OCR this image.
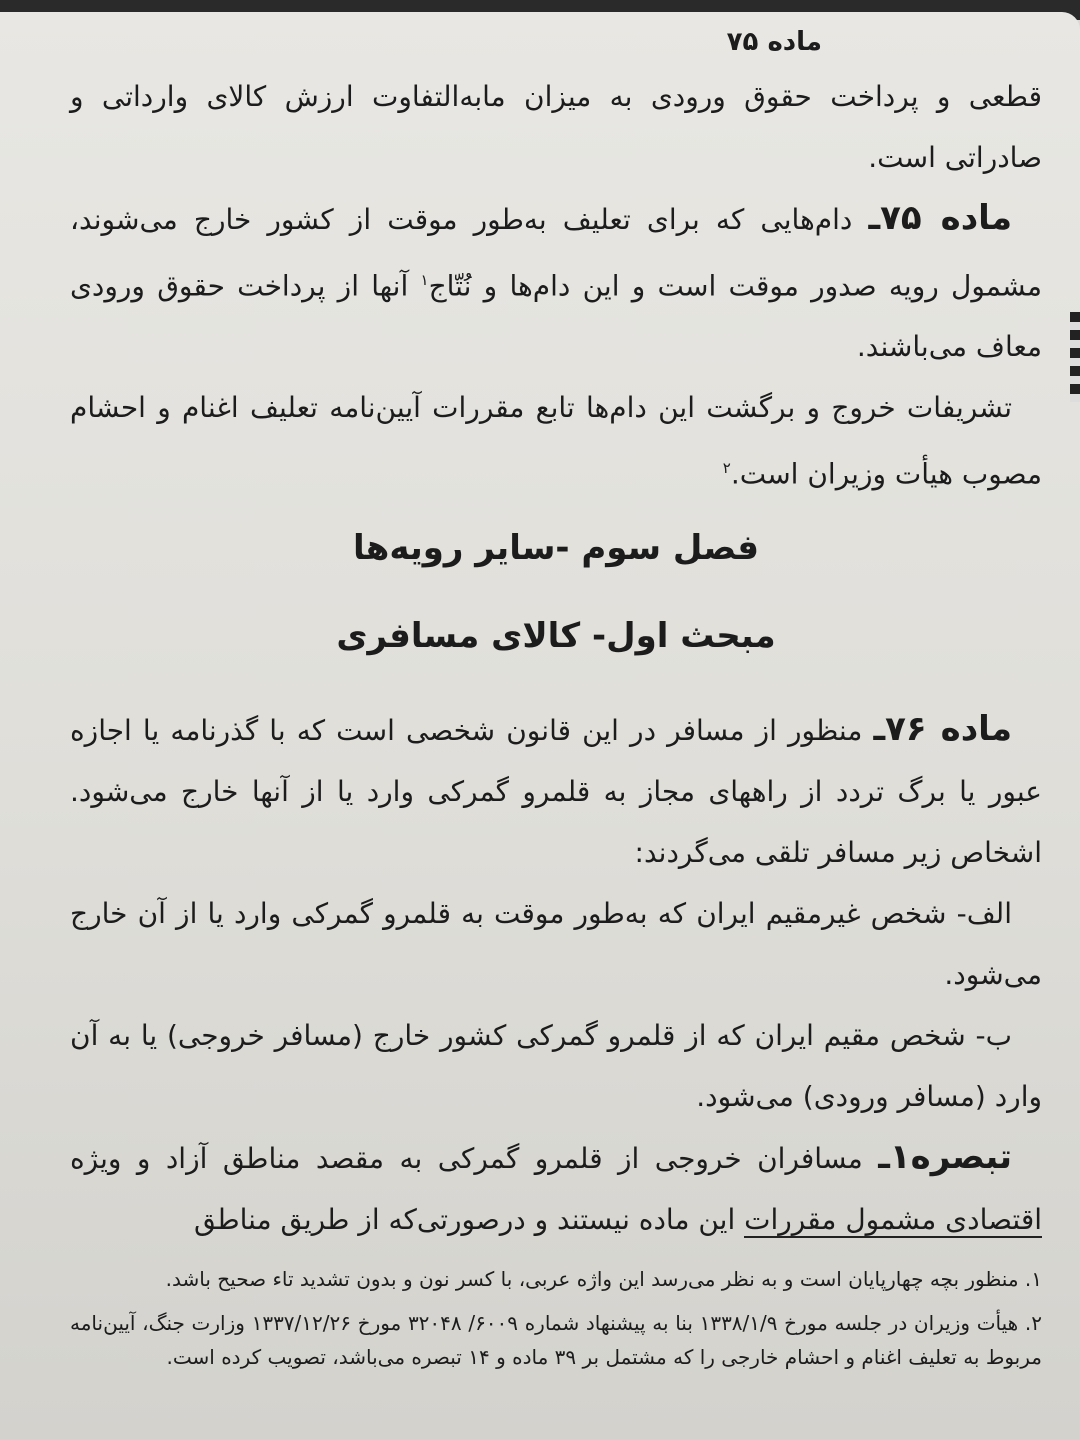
ماده ۷۵

قطعی و پرداخت حقوق ورودی به میزان مابه‌التفاوت ارزش کالای وارداتی و صادراتی است.

ماده ۷۵ـ دام‌هایی که برای تعلیف به‌طور موقت از کشور خارج می‌شوند، مشمول رویه صدور موقت است و این دام‌ها و نُتّاج$^۱$ آنها از پرداخت حقوق ورودی معاف می‌باشند.

تشریفات خروج و برگشت این دام‌ها تابع مقررات آیین‌نامه تعلیف اغنام و احشام مصوب هیأت وزیران است.$^۲$

فصل سوم -سایر رویه‌ها
مبحث اول- کالای مسافری

ماده ۷۶ـ منظور از مسافر در این قانون شخصی است که با گذرنامه یا اجازه عبور یا برگ تردد از راههای مجاز به قلمرو گمرکی وارد یا از آنها خارج می‌شود. اشخاص زیر مسافر تلقی می‌گردند:

الف- شخص غیرمقیم ایران که به‌طور موقت به قلمرو گمرکی وارد یا از آن خارج می‌شود.

ب- شخص مقیم ایران که از قلمرو گمرکی کشور خارج (مسافر خروجی) یا به آن وارد (مسافر ورودی) می‌شود.

تبصره۱ـ مسافران خروجی از قلمرو گمرکی به مقصد مناطق آزاد و ویژه اقتصادی مشمول مقررات این ماده نیستند و درصورتی‌که از طریق مناطق

۱. منظور بچه چهارپایان است و به نظر می‌رسد این واژه عربی، با کسر نون و بدون تشدید تاء صحیح باشد.

۲. هیأت وزیران در جلسه مورخ ۱۳۳۸/۱/۹ بنا به پیشنهاد شماره ۶۰۰۹/ ۳۲۰۴۸ مورخ ۱۳۳۷/۱۲/۲۶ وزارت جنگ، آیین‌نامه مربوط به تعلیف اغنام و احشام خارجی را که مشتمل بر ۳۹ ماده و ۱۴ تبصره می‌باشد، تصویب کرده است.
